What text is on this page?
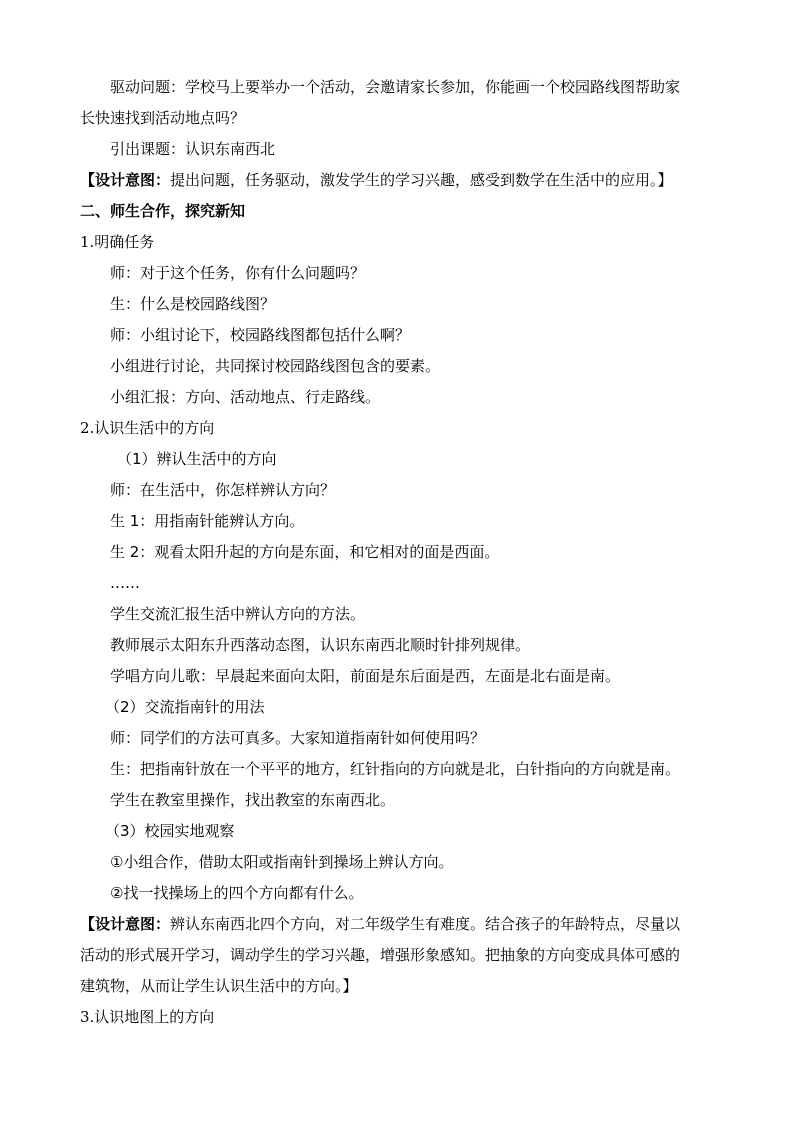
驱动问题：学校马上要举办一个活动，会邀请家长参加，你能画一个校园路线图帮助家
长快速找到活动地点吗？
引出课题：认识东南西北
【设计意图：提出问题，任务驱动，激发学生的学习兴趣，感受到数学在生活中的应用。】
二、师生合作，探究新知
1.明确任务
师：对于这个任务，你有什么问题吗？
生：什么是校园路线图？
师：小组讨论下，校园路线图都包括什么啊？
小组进行讨论，共同探讨校园路线图包含的要素。
小组汇报：方向、活动地点、行走路线。
2.认识生活中的方向
（1）辨认生活中的方向
师：在生活中，你怎样辨认方向？
生 1：用指南针能辨认方向。
生 2：观看太阳升起的方向是东面，和它相对的面是西面。
……
学生交流汇报生活中辨认方向的方法。
教师展示太阳东升西落动态图，认识东南西北顺时针排列规律。
学唱方向儿歌：早晨起来面向太阳，前面是东后面是西，左面是北右面是南。
（2）交流指南针的用法
师：同学们的方法可真多。大家知道指南针如何使用吗？
生：把指南针放在一个平平的地方，红针指向的方向就是北，白针指向的方向就是南。
学生在教室里操作，找出教室的东南西北。
（3）校园实地观察
①小组合作，借助太阳或指南针到操场上辨认方向。
②找一找操场上的四个方向都有什么。
【设计意图：辨认东南西北四个方向，对二年级学生有难度。结合孩子的年龄特点，尽量以
活动的形式展开学习，调动学生的学习兴趣，增强形象感知。把抽象的方向变成具体可感的
建筑物，从而让学生认识生活中的方向。】
3.认识地图上的方向
